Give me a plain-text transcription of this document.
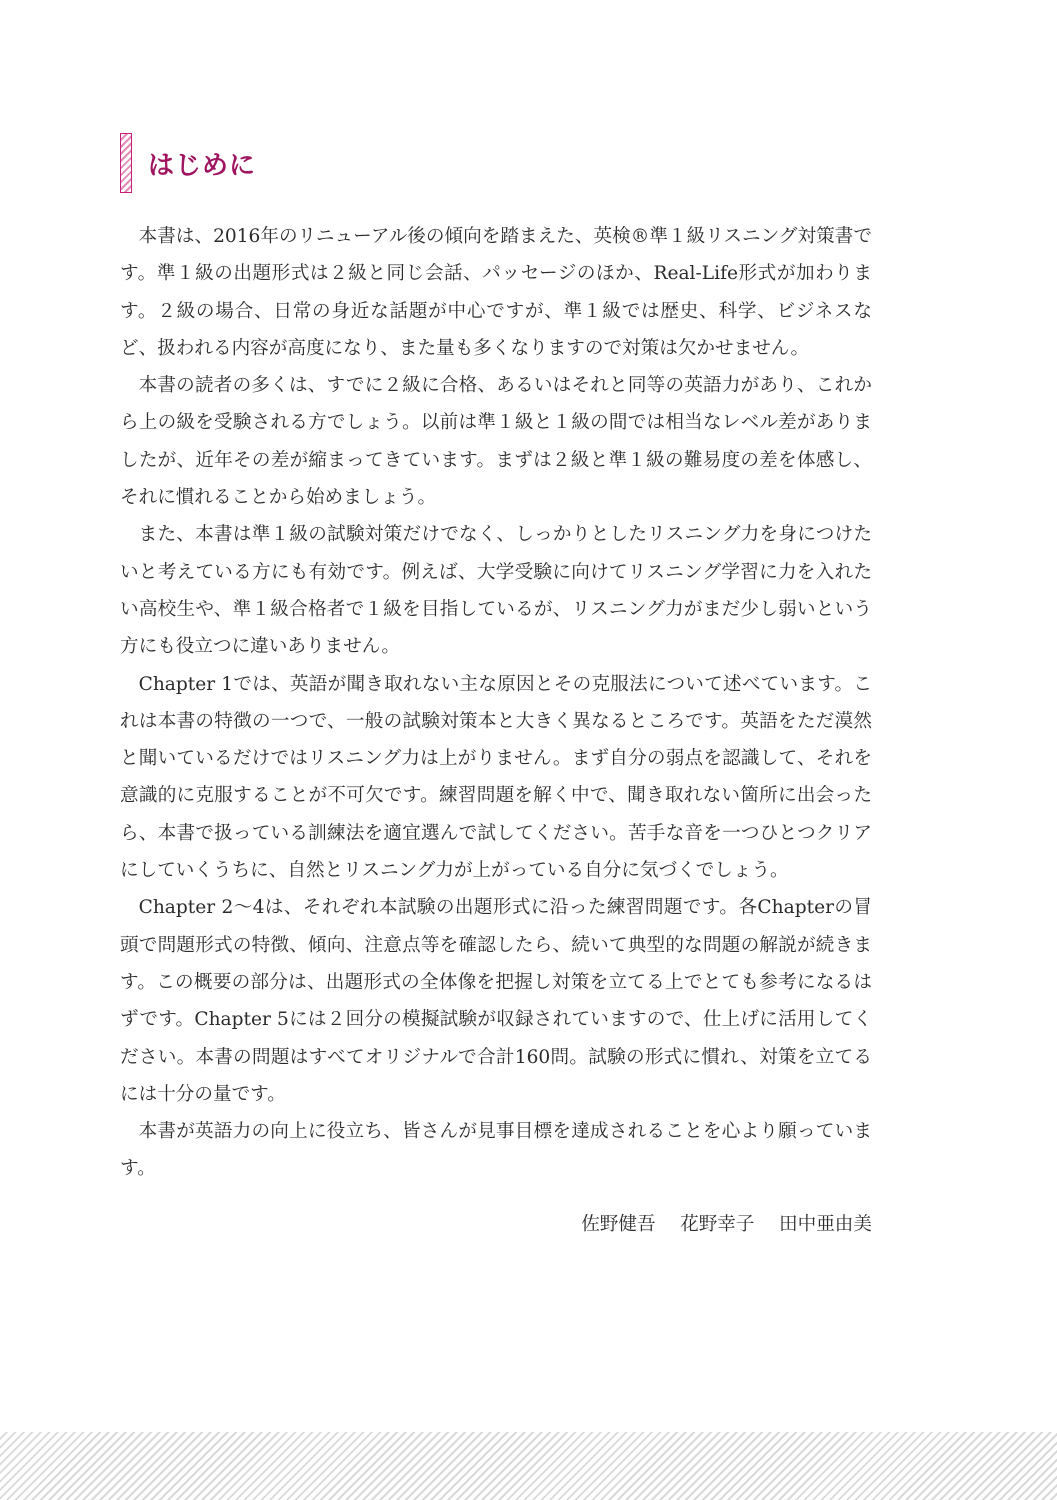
はじめに

本書は、2016年のリニューアル後の傾向を踏まえた、英検®準１級リスニング対策書です。準１級の出題形式は２級と同じ会話、パッセージのほか、Real-Life形式が加わります。２級の場合、日常の身近な話題が中心ですが、準１級では歴史、科学、ビジネスなど、扱われる内容が高度になり、また量も多くなりますので対策は欠かせません。

本書の読者の多くは、すでに２級に合格、あるいはそれと同等の英語力があり、これから上の級を受験される方でしょう。以前は準１級と１級の間では相当なレベル差がありましたが、近年その差が縮まってきています。まずは２級と準１級の難易度の差を体感し、それに慣れることから始めましょう。

また、本書は準１級の試験対策だけでなく、しっかりとしたリスニング力を身につけたいと考えている方にも有効です。例えば、大学受験に向けてリスニング学習に力を入れたい高校生や、準１級合格者で１級を目指しているが、リスニング力がまだ少し弱いという方にも役立つに違いありません。

Chapter 1では、英語が聞き取れない主な原因とその克服法について述べています。これは本書の特徴の一つで、一般の試験対策本と大きく異なるところです。英語をただ漠然と聞いているだけではリスニング力は上がりません。まず自分の弱点を認識して、それを意識的に克服することが不可欠です。練習問題を解く中で、聞き取れない箇所に出会ったら、本書で扱っている訓練法を適宜選んで試してください。苦手な音を一つひとつクリアにしていくうちに、自然とリスニング力が上がっている自分に気づくでしょう。

Chapter 2～4は、それぞれ本試験の出題形式に沿った練習問題です。各Chapterの冒頭で問題形式の特徴、傾向、注意点等を確認したら、続いて典型的な問題の解説が続きます。この概要の部分は、出題形式の全体像を把握し対策を立てる上でとても参考になるはずです。Chapter 5には２回分の模擬試験が収録されていますので、仕上げに活用してください。本書の問題はすべてオリジナルで合計160問。試験の形式に慣れ、対策を立てるには十分の量です。

本書が英語力の向上に役立ち、皆さんが見事目標を達成されることを心より願っています。

佐野健吾 花野幸子 田中亜由美
